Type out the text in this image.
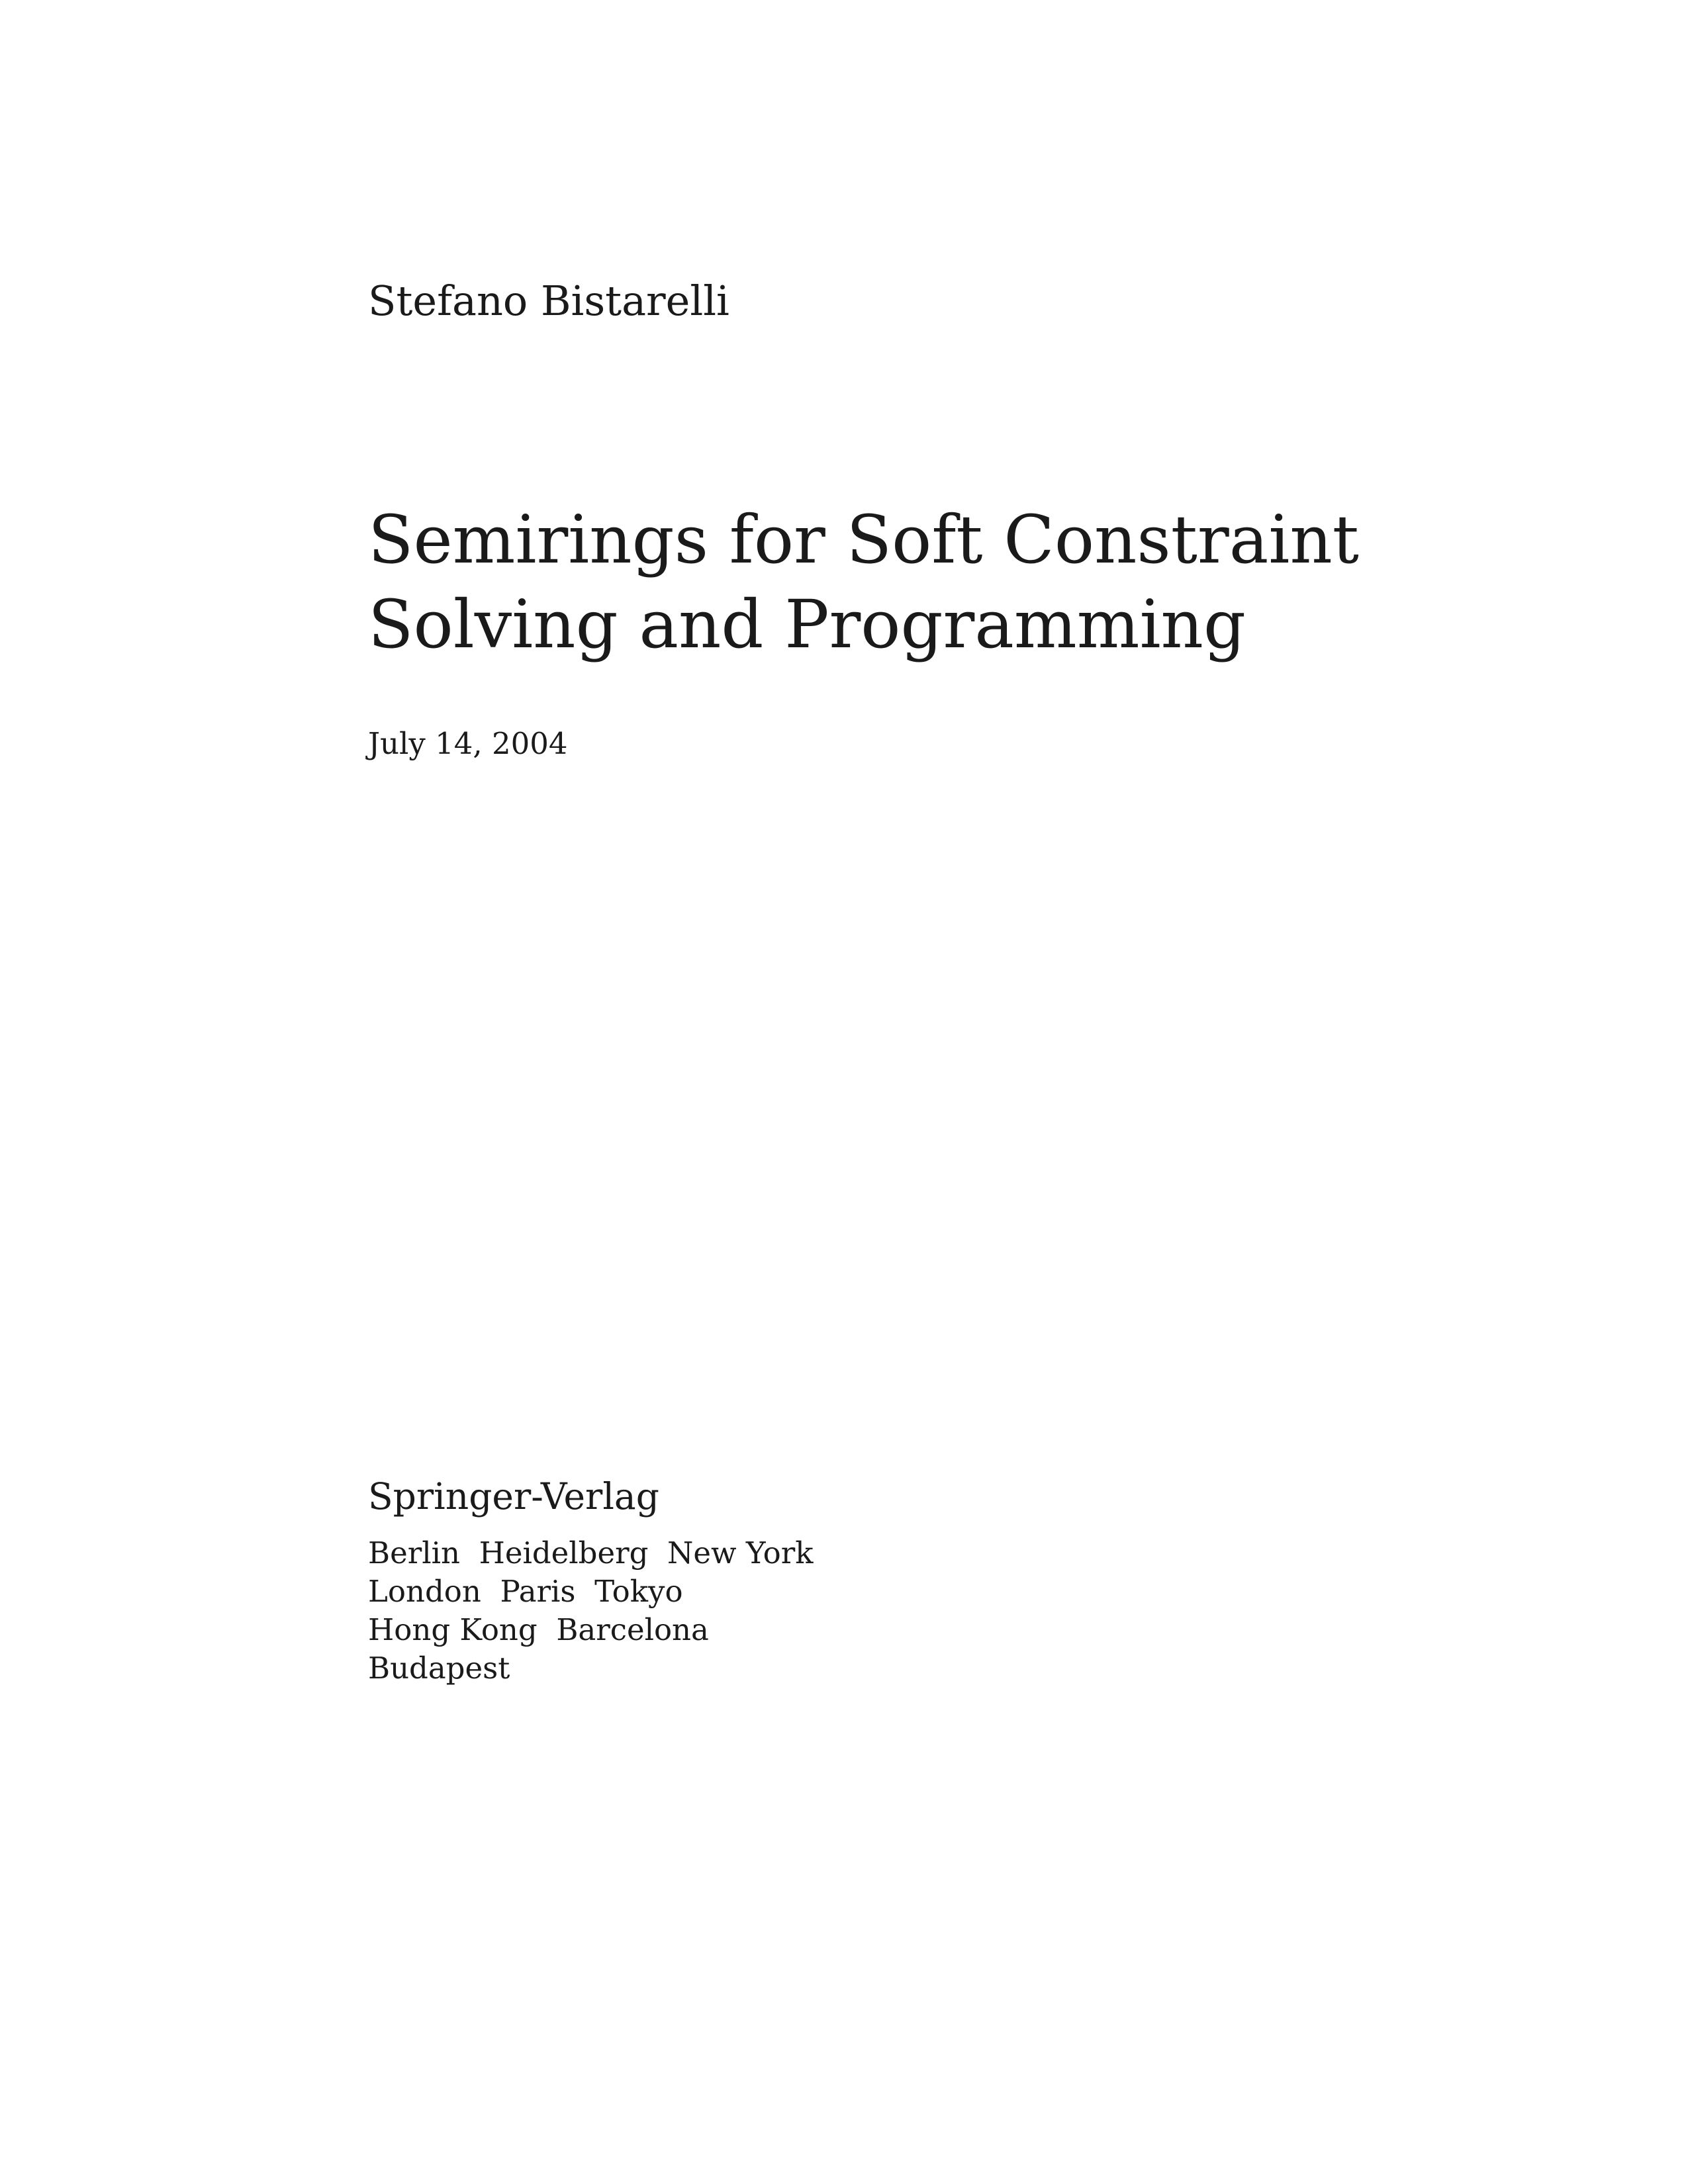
Stefano Bistarelli
Semirings for Soft Constraint
Solving and Programming
July 14, 2004
Springer-Verlag
Berlin  Heidelberg  New York
London  Paris  Tokyo
Hong Kong  Barcelona
Budapest
